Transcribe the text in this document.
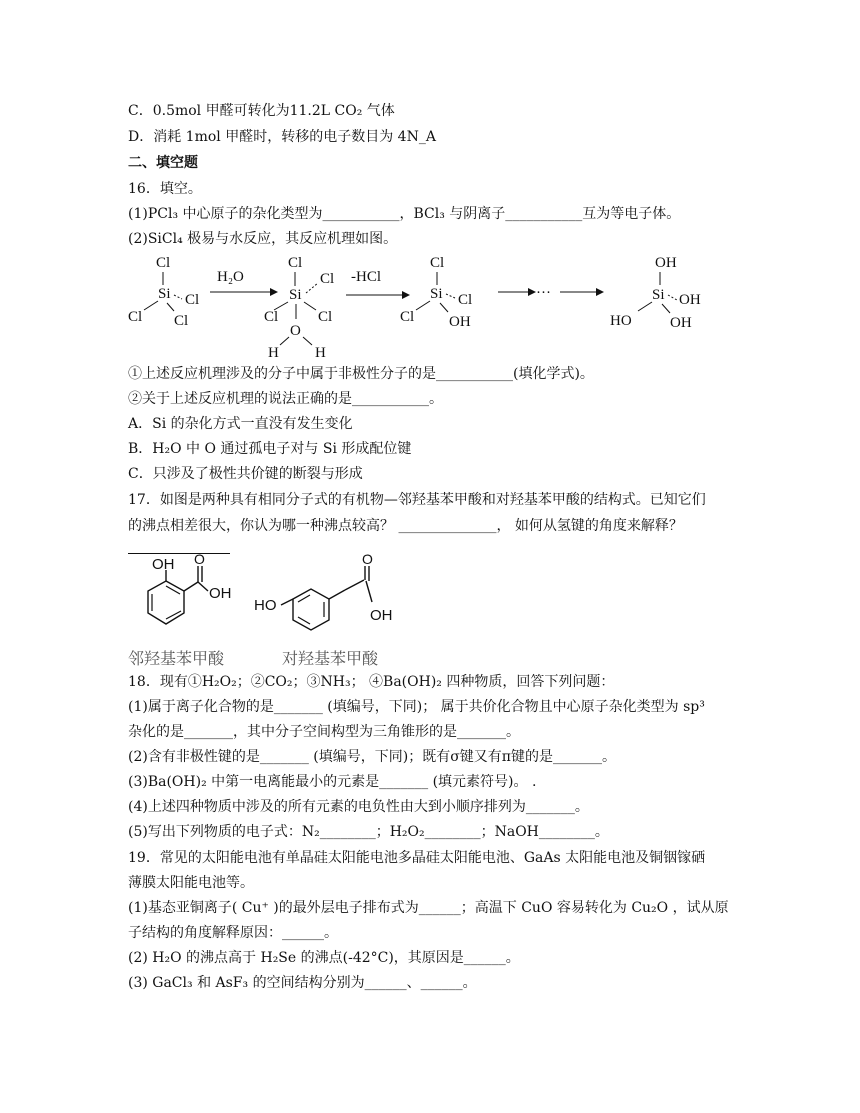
C．0.5mol 甲醛可转化为11.2L CO₂ 气体
D．消耗 1mol 甲醛时，转移的电子数目为 4N_A
二、填空题
16．填空。
(1)PCl₃ 中心原子的杂化类型为___________，BCl₃ 与阴离子___________互为等电子体。
(2)SiCl₄ 极易与水反应，其反应机理如图。
Cl
Si Cl
Cl Cl
H₂O
Cl
Cl
Si
Cl	Cl
O
H H
-HCl
Cl
Si Cl
Cl OH
···
OH
Si OH
HO	OH
①上述反应机理涉及的分子中属于非极性分子的是___________(填化学式)。
②关于上述反应机理的说法正确的是___________。
A．Si 的杂化方式一直没有发生变化
B．H₂O 中 O 通过孤电子对与 Si 形成配位键
C．只涉及了极性共价键的断裂与形成
17．如图是两种具有相同分子式的有机物—邻羟基苯甲酸和对羟基苯甲酸的结构式。已知它们
的沸点相差很大，你认为哪一种沸点较高？ ______________， 如何从氢键的角度来解释？
OH O
OH
邻羟基苯甲酸
HO
O
OH
对羟基苯甲酸
18．现有①H₂O₂；②CO₂；③NH₃； ④Ba(OH)₂ 四种物质，回答下列问题：
(1)属于离子化合物的是_______ (填编号，下同)； 属于共价化合物且中心原子杂化类型为 sp³
杂化的是_______，其中分子空间构型为三角锥形的是_______。
(2)含有非极性键的是_______ (填编号，下同)；既有σ键又有π键的是_______。
(3)Ba(OH)₂ 中第一电离能最小的元素是_______ (填元素符号)。 .
(4)上述四种物质中涉及的所有元素的电负性由大到小顺序排列为_______。
(5)写出下列物质的电子式：N₂________；H₂O₂________；NaOH________。
19．常见的太阳能电池有单晶硅太阳能电池多晶硅太阳能电池、GaAs 太阳能电池及铜铟镓硒
薄膜太阳能电池等。
(1)基态亚铜离子( Cu⁺ )的最外层电子排布式为______；高温下 CuO 容易转化为 Cu₂O ，试从原
子结构的角度解释原因：______。
(2) H₂O 的沸点高于 H₂Se 的沸点(-42°C)，其原因是______。
(3) GaCl₃ 和 AsF₃ 的空间结构分别为______、______。
